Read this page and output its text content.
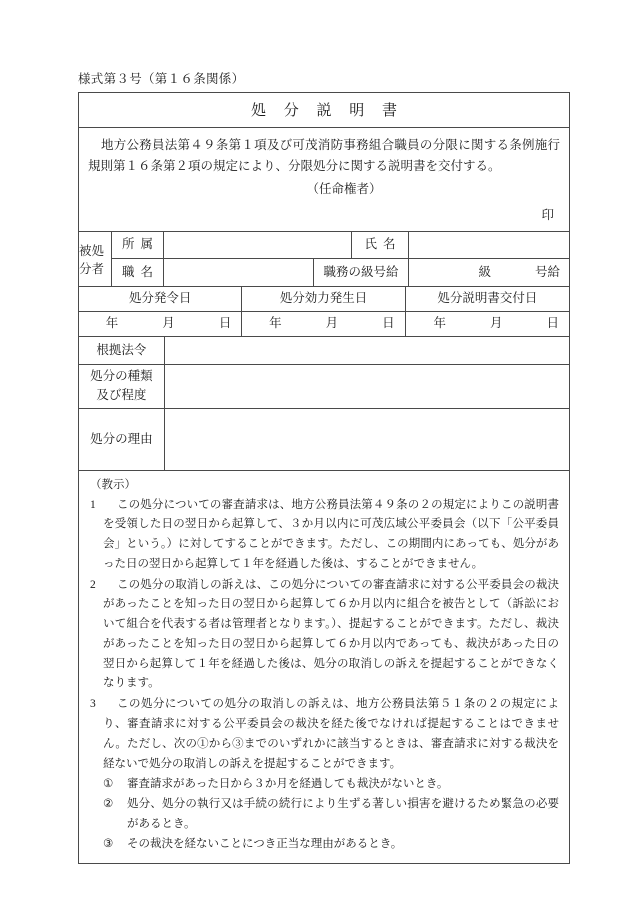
様式第３号（第１６条関係）
処 分 説 明 書

地方公務員法第４９条第１項及び可茂消防事務組合職員の分限に関する条例施行規則第１６条第２項の規定により、分限処分に関する説明書を交付する。

（任命権者）

印

被処分者
所属	氏名
職名	職務の級号給	級	号給
処分発令日	処分効力発生日	処分説明書交付日
年	月	日	年	月	日	年	月	日
根拠法令
処分の種類
及び程度
処分の理由

（教示）

1	この処分についての審査請求は、地方公務員法第４９条の２の規定によりこの説明書を受領した日の翌日から起算して、３か月以内に可茂広域公平委員会（以下「公平委員会」という。）に対してすることができます。ただし、この期間内にあっても、処分があった日の翌日から起算して１年を経過した後は、することができません。
2	この処分の取消しの訴えは、この処分についての審査請求に対する公平委員会の裁決があったことを知った日の翌日から起算して６か月以内に組合を被告として（訴訟において組合を代表する者は管理者となります。）、提起することができます。ただし、裁決があったことを知った日の翌日から起算して６か月以内であっても、裁決があった日の翌日から起算して１年を経過した後は、処分の取消しの訴えを提起することができなくなります。
3	この処分についての処分の取消しの訴えは、地方公務員法第５１条の２の規定により、審査請求に対する公平委員会の裁決を経た後でなければ提起することはできません。ただし、次の①から③までのいずれかに該当するときは、審査請求に対する裁決を経ないで処分の取消しの訴えを提起することができます。
①	審査請求があった日から３か月を経過しても裁決がないとき。
②	処分、処分の執行又は手続の続行により生ずる著しい損害を避けるため緊急の必要があるとき。
③	その裁決を経ないことにつき正当な理由があるとき。
